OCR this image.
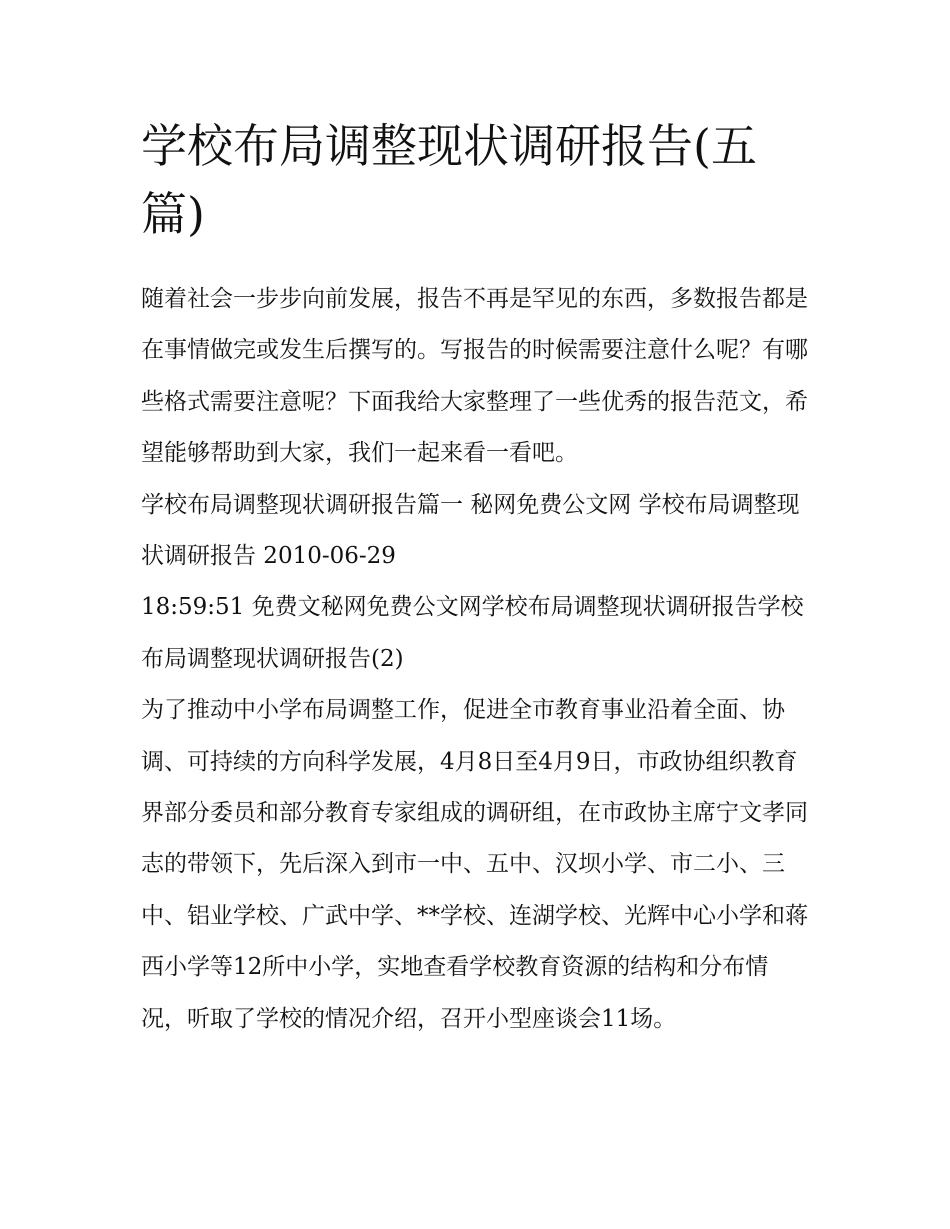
学校布局调整现状调研报告(五篇)

随着社会一步步向前发展，报告不再是罕见的东西，多数报告都是在事情做完或发生后撰写的。写报告的时候需要注意什么呢？有哪些格式需要注意呢？下面我给大家整理了一些优秀的报告范文，希望能够帮助到大家，我们一起来看一看吧。

学校布局调整现状调研报告篇一 秘网免费公文网 学校布局调整现状调研报告 2010-06-29

18:59:51 免费文秘网免费公文网学校布局调整现状调研报告学校布局调整现状调研报告(2)

为了推动中小学布局调整工作，促进全市教育事业沿着全面、协调、可持续的方向科学发展，4月8日至4月9日，市政协组织教育界部分委员和部分教育专家组成的调研组，在市政协主席宁文孝同志的带领下，先后深入到市一中、五中、汉坝小学、市二小、三中、铝业学校、广武中学、**学校、连湖学校、光辉中心小学和蒋西小学等12所中小学，实地查看学校教育资源的结构和分布情况，听取了学校的情况介绍，召开小型座谈会11场。
